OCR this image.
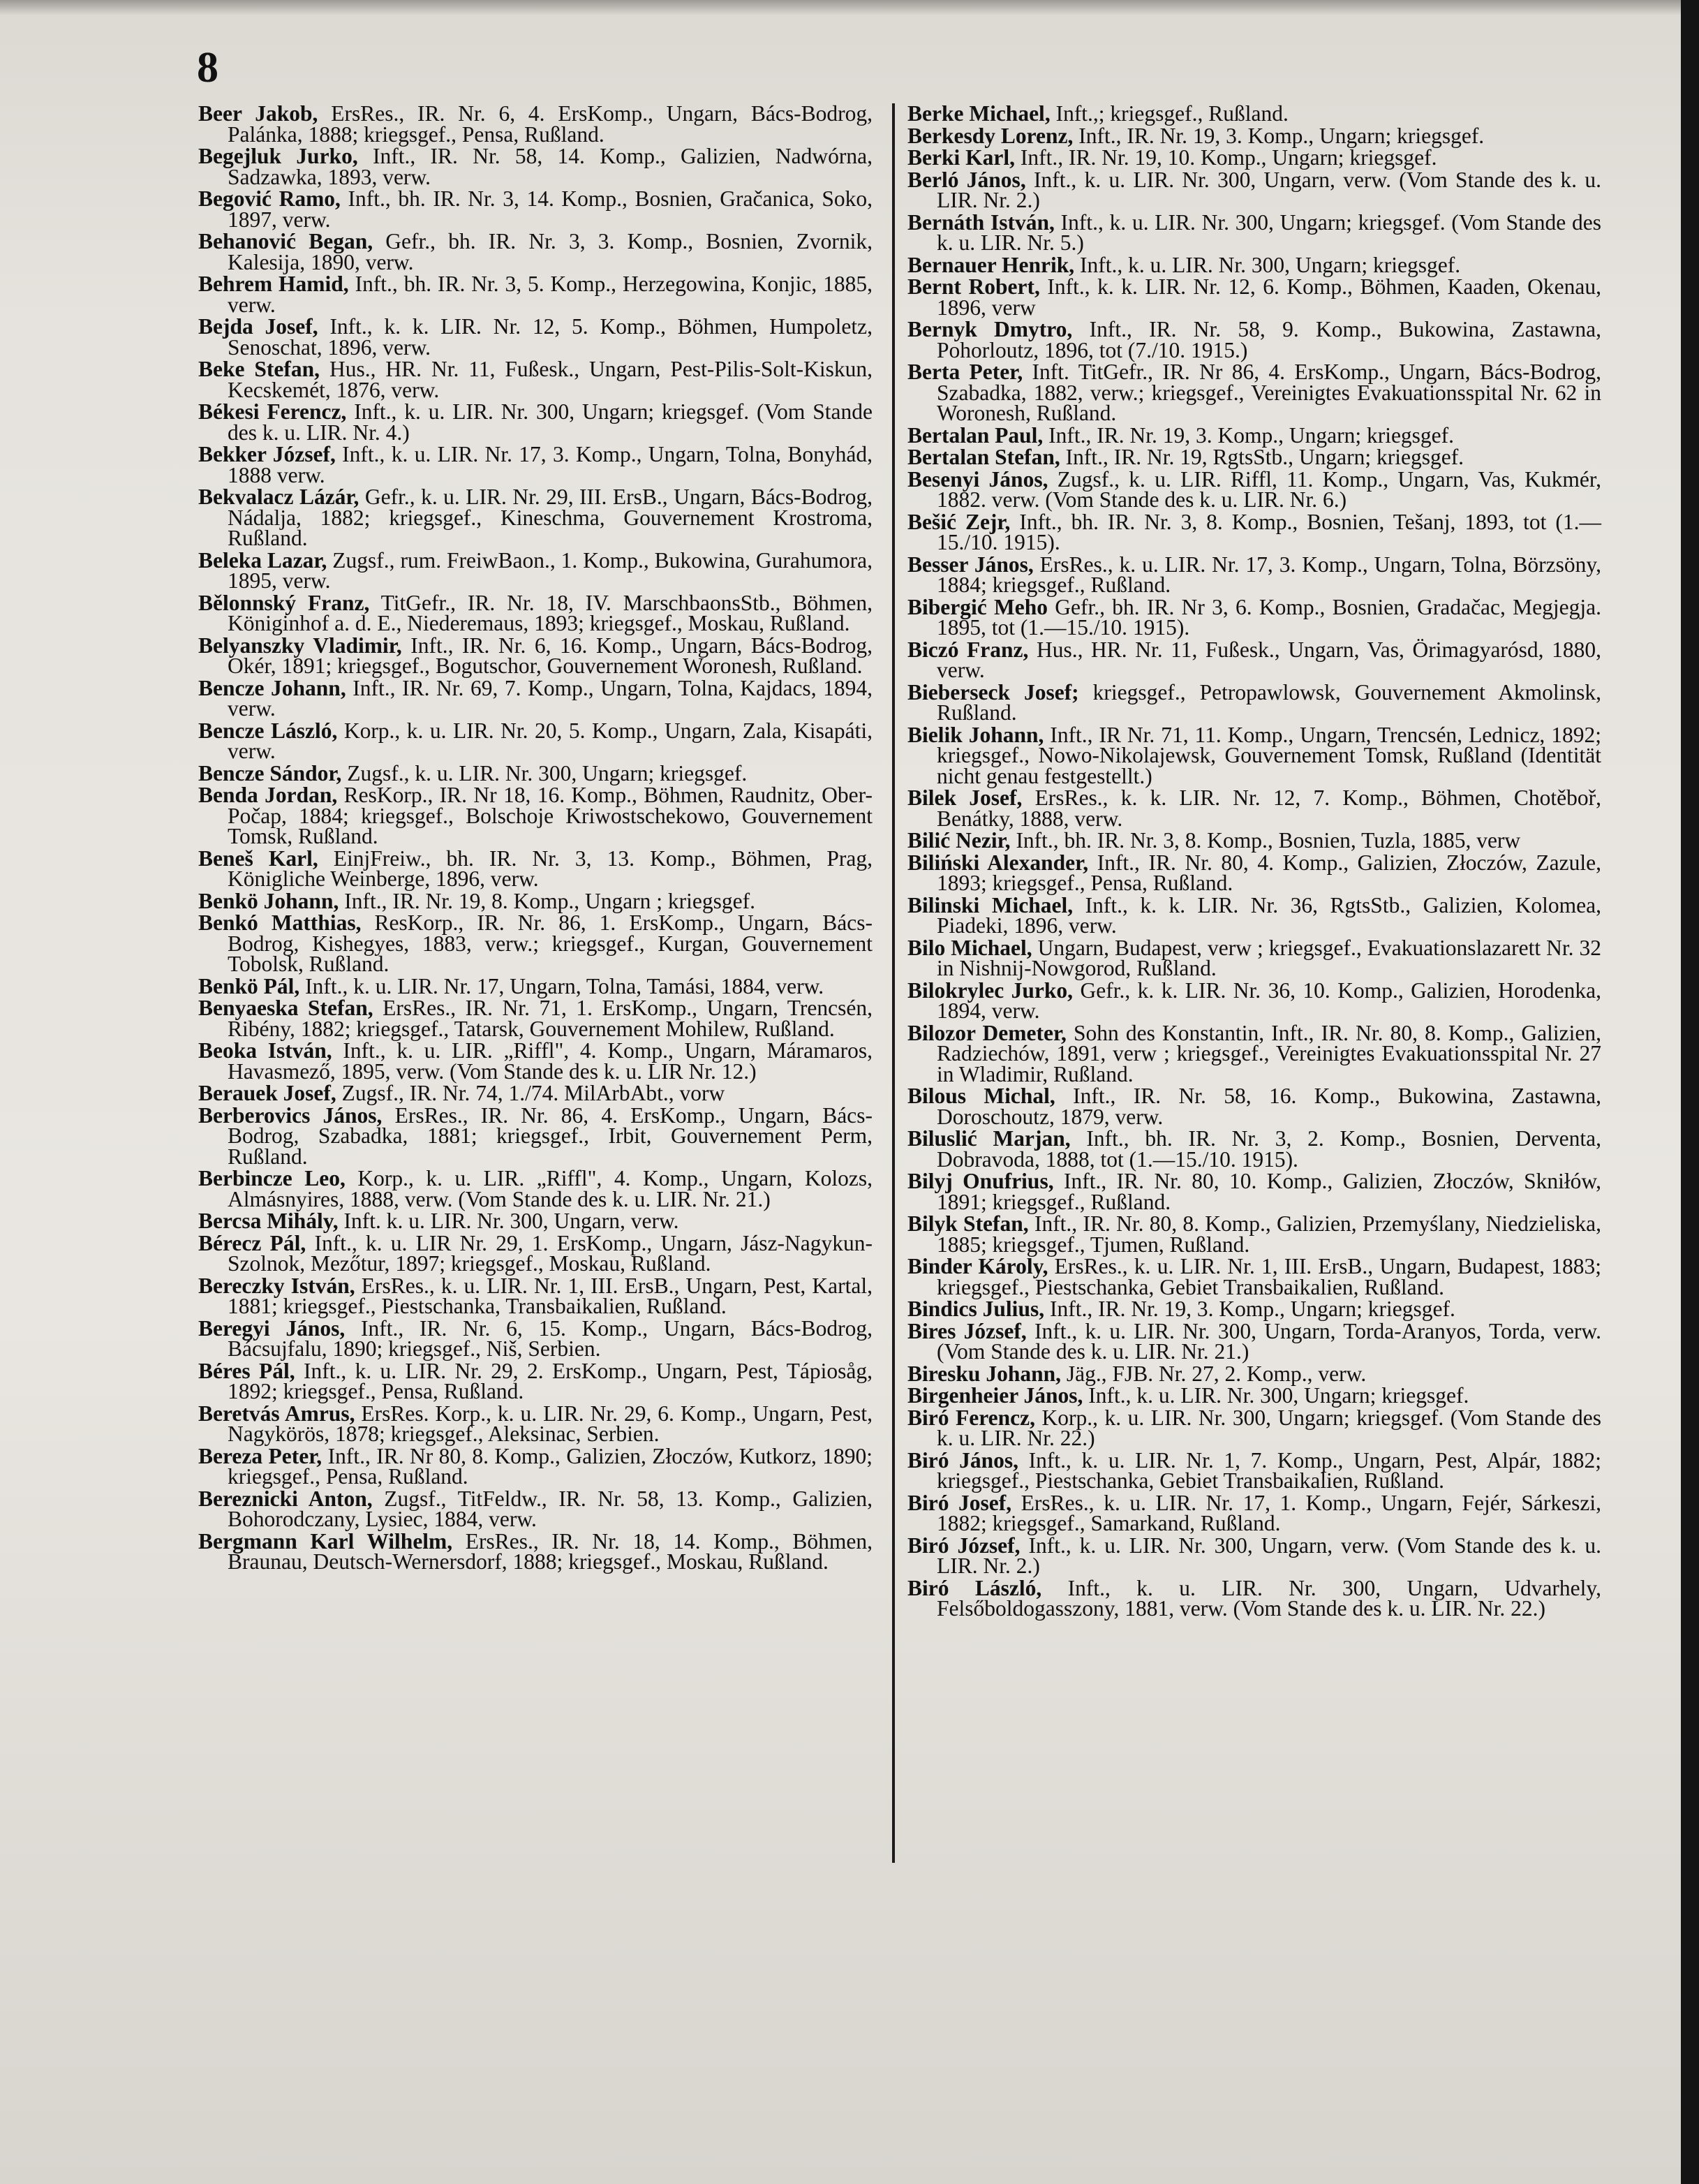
8

Beer Jakob, ErsRes., IR. Nr. 6, 4. ErsKomp., Ungarn, Bács-Bodrog, Palánka, 1888; kriegsgef., Pensa, Rußland.

Begejluk Jurko, Inft., IR. Nr. 58, 14. Komp., Galizien, Nadwórna, Sadzawka, 1893, verw.

Begović Ramo, Inft., bh. IR. Nr. 3, 14. Komp., Bosnien, Gračanica, Soko, 1897, verw.

Behanović Began, Gefr., bh. IR. Nr. 3, 3. Komp., Bosnien, Zvornik, Kalesija, 1890, verw.

Behrem Hamid, Inft., bh. IR. Nr. 3, 5. Komp., Herzegowina, Konjic, 1885, verw.

Bejda Josef, Inft., k. k. LIR. Nr. 12, 5. Komp., Böhmen, Humpoletz, Senoschat, 1896, verw.

Beke Stefan, Hus., HR. Nr. 11, Fußesk., Ungarn, Pest-Pilis-Solt-Kiskun, Kecskemét, 1876, verw.

Békesi Ferencz, Inft., k. u. LIR. Nr. 300, Ungarn; kriegsgef. (Vom Stande des k. u. LIR. Nr. 4.)

Bekker József, Inft., k. u. LIR. Nr. 17, 3. Komp., Ungarn, Tolna, Bonyhád, 1888 verw.

Bekvalacz Lázár, Gefr., k. u. LIR. Nr. 29, III. ErsB., Ungarn, Bács-Bodrog, Nádalja, 1882; kriegsgef., Kineschma, Gouvernement Krostroma, Rußland.

Beleka Lazar, Zugsf., rum. FreiwBaon., 1. Komp., Bukowina, Gurahumora, 1895, verw.

Bělonnský Franz, TitGefr., IR. Nr. 18, IV. MarschbaonsStb., Böhmen, Königinhof a. d. E., Niederemaus, 1893; kriegsgef., Moskau, Rußland.

Belyanszky Vladimir, Inft., IR. Nr. 6, 16. Komp., Ungarn, Bács-Bodrog, Okér, 1891; kriegsgef., Bogutschor, Gouvernement Woronesh, Rußland.

Bencze Johann, Inft., IR. Nr. 69, 7. Komp., Ungarn, Tolna, Kajdacs, 1894, verw.

Bencze László, Korp., k. u. LIR. Nr. 20, 5. Komp., Ungarn, Zala, Kisapáti, verw.

Bencze Sándor, Zugsf., k. u. LIR. Nr. 300, Ungarn; kriegsgef.

Benda Jordan, ResKorp., IR. Nr 18, 16. Komp., Böhmen, Raudnitz, Ober-Počap, 1884; kriegsgef., Bolschoje Kriwostschekowo, Gouvernement Tomsk, Rußland.

Beneš Karl, EinjFreiw., bh. IR. Nr. 3, 13. Komp., Böhmen, Prag, Königliche Weinberge, 1896, verw.

Benkö Johann, Inft., IR. Nr. 19, 8. Komp., Ungarn ; kriegsgef.

Benkó Matthias, ResKorp., IR. Nr. 86, 1. ErsKomp., Ungarn, Bács-Bodrog, Kishegyes, 1883, verw.; kriegsgef., Kurgan, Gouvernement Tobolsk, Rußland.

Benkö Pál, Inft., k. u. LIR. Nr. 17, Ungarn, Tolna, Tamási, 1884, verw.

Benyaeska Stefan, ErsRes., IR. Nr. 71, 1. ErsKomp., Ungarn, Trencsén, Ribény, 1882; kriegsgef., Tatarsk, Gouvernement Mohilew, Rußland.

Beoka István, Inft., k. u. LIR. „Riffl", 4. Komp., Ungarn, Máramaros, Havasmező, 1895, verw. (Vom Stande des k. u. LIR Nr. 12.)

Berauek Josef, Zugsf., IR. Nr. 74, 1./74. MilArbAbt., vorw

Berberovics János, ErsRes., IR. Nr. 86, 4. ErsKomp., Ungarn, Bács-Bodrog, Szabadka, 1881; kriegsgef., Irbit, Gouvernement Perm, Rußland.

Berbincze Leo, Korp., k. u. LIR. „Riffl", 4. Komp., Ungarn, Kolozs, Almásnyires, 1888, verw. (Vom Stande des k. u. LIR. Nr. 21.)

Bercsa Mihály, Inft. k. u. LIR. Nr. 300, Ungarn, verw.

Bérecz Pál, Inft., k. u. LIR Nr. 29, 1. ErsKomp., Ungarn, Jász-Nagykun-Szolnok, Mezőtur, 1897; kriegsgef., Moskau, Rußland.

Bereczky István, ErsRes., k. u. LIR. Nr. 1, III. ErsB., Ungarn, Pest, Kartal, 1881; kriegsgef., Piestschanka, Transbaikalien, Rußland.

Beregyi János, Inft., IR. Nr. 6, 15. Komp., Ungarn, Bács-Bodrog, Bácsujfalu, 1890; kriegsgef., Niš, Serbien.

Béres Pál, Inft., k. u. LIR. Nr. 29, 2. ErsKomp., Ungarn, Pest, Tápiosåg, 1892; kriegsgef., Pensa, Rußland.

Beretvás Amrus, ErsRes. Korp., k. u. LIR. Nr. 29, 6. Komp., Ungarn, Pest, Nagykörös, 1878; kriegsgef., Aleksinac, Serbien.

Bereza Peter, Inft., IR. Nr 80, 8. Komp., Galizien, Złoczów, Kutkorz, 1890; kriegsgef., Pensa, Rußland.

Bereznicki Anton, Zugsf., TitFeldw., IR. Nr. 58, 13. Komp., Galizien, Bohorodczany, Lysiec, 1884, verw.

Bergmann Karl Wilhelm, ErsRes., IR. Nr. 18, 14. Komp., Böhmen, Braunau, Deutsch-Wernersdorf, 1888; kriegsgef., Moskau, Rußland.

Berke Michael, Inft.,; kriegsgef., Rußland.

Berkesdy Lorenz, Inft., IR. Nr. 19, 3. Komp., Ungarn; kriegsgef.

Berki Karl, Inft., IR. Nr. 19, 10. Komp., Ungarn; kriegsgef.

Berló János, Inft., k. u. LIR. Nr. 300, Ungarn, verw. (Vom Stande des k. u. LIR. Nr. 2.)

Bernáth István, Inft., k. u. LIR. Nr. 300, Ungarn; kriegsgef. (Vom Stande des k. u. LIR. Nr. 5.)

Bernauer Henrik, Inft., k. u. LIR. Nr. 300, Ungarn; kriegsgef.

Bernt Robert, Inft., k. k. LIR. Nr. 12, 6. Komp., Böhmen, Kaaden, Okenau, 1896, verw

Bernyk Dmytro, Inft., IR. Nr. 58, 9. Komp., Bukowina, Zastawna, Pohorloutz, 1896, tot (7./10. 1915.)

Berta Peter, Inft. TitGefr., IR. Nr 86, 4. ErsKomp., Ungarn, Bács-Bodrog, Szabadka, 1882, verw.; kriegsgef., Vereinigtes Evakuationsspital Nr. 62 in Woronesh, Rußland.

Bertalan Paul, Inft., IR. Nr. 19, 3. Komp., Ungarn; kriegsgef.

Bertalan Stefan, Inft., IR. Nr. 19, RgtsStb., Ungarn; kriegsgef.

Besenyi János, Zugsf., k. u. LIR. Riffl, 11. Komp., Ungarn, Vas, Kukmér, 1882. verw. (Vom Stande des k. u. LIR. Nr. 6.)

Bešić Zejr, Inft., bh. IR. Nr. 3, 8. Komp., Bosnien, Tešanj, 1893, tot (1.—15./10. 1915).

Besser János, ErsRes., k. u. LIR. Nr. 17, 3. Komp., Ungarn, Tolna, Börzsöny, 1884; kriegsgef., Rußland.

Bibergić Meho Gefr., bh. IR. Nr 3, 6. Komp., Bosnien, Gradačac, Megjegja. 1895, tot (1.—15./10. 1915).

Biczó Franz, Hus., HR. Nr. 11, Fußesk., Ungarn, Vas, Örimagyarósd, 1880, verw.

Bieberseck Josef; kriegsgef., Petropawlowsk, Gouvernement Akmolinsk, Rußland.

Bielik Johann, Inft., IR Nr. 71, 11. Komp., Ungarn, Trencsén, Lednicz, 1892; kriegsgef., Nowo-Nikolajewsk, Gouvernement Tomsk, Rußland (Identität nicht genau festgestellt.)

Bilek Josef, ErsRes., k. k. LIR. Nr. 12, 7. Komp., Böhmen, Chotěboř, Benátky, 1888, verw.

Bilić Nezir, Inft., bh. IR. Nr. 3, 8. Komp., Bosnien, Tuzla, 1885, verw

Biliński Alexander, Inft., IR. Nr. 80, 4. Komp., Galizien, Złoczów, Zazule, 1893; kriegsgef., Pensa, Rußland.

Bilinski Michael, Inft., k. k. LIR. Nr. 36, RgtsStb., Galizien, Kolomea, Piadeki, 1896, verw.

Bilo Michael, Ungarn, Budapest, verw ; kriegsgef., Evakuationslazarett Nr. 32 in Nishnij-Nowgorod, Rußland.

Bilokrylec Jurko, Gefr., k. k. LIR. Nr. 36, 10. Komp., Galizien, Horodenka, 1894, verw.

Bilozor Demeter, Sohn des Konstantin, Inft., IR. Nr. 80, 8. Komp., Galizien, Radziechów, 1891, verw ; kriegsgef., Vereinigtes Evakuationsspital Nr. 27 in Wladimir, Rußland.

Bilous Michal, Inft., IR. Nr. 58, 16. Komp., Bukowina, Zastawna, Doroschoutz, 1879, verw.

Biluslić Marjan, Inft., bh. IR. Nr. 3, 2. Komp., Bosnien, Derventa, Dobravoda, 1888, tot (1.—15./10. 1915).

Bilyj Onufrius, Inft., IR. Nr. 80, 10. Komp., Galizien, Złoczów, Skniłów, 1891; kriegsgef., Rußland.

Bilyk Stefan, Inft., IR. Nr. 80, 8. Komp., Galizien, Przemyślany, Niedzieliska, 1885; kriegsgef., Tjumen, Rußland.

Binder Károly, ErsRes., k. u. LIR. Nr. 1, III. ErsB., Ungarn, Budapest, 1883; kriegsgef., Piestschanka, Gebiet Transbaikalien, Rußland.

Bindics Julius, Inft., IR. Nr. 19, 3. Komp., Ungarn; kriegsgef.

Bires József, Inft., k. u. LIR. Nr. 300, Ungarn, Torda-Aranyos, Torda, verw. (Vom Stande des k. u. LIR. Nr. 21.)

Biresku Johann, Jäg., FJB. Nr. 27, 2. Komp., verw.

Birgenheier János, Inft., k. u. LIR. Nr. 300, Ungarn; kriegsgef.

Biró Ferencz, Korp., k. u. LIR. Nr. 300, Ungarn; kriegsgef. (Vom Stande des k. u. LIR. Nr. 22.)

Biró János, Inft., k. u. LIR. Nr. 1, 7. Komp., Ungarn, Pest, Alpár, 1882; kriegsgef., Piestschanka, Gebiet Transbaikalien, Rußland.

Biró Josef, ErsRes., k. u. LIR. Nr. 17, 1. Komp., Ungarn, Fejér, Sárkeszi, 1882; kriegsgef., Samarkand, Rußland.

Biró József, Inft., k. u. LIR. Nr. 300, Ungarn, verw. (Vom Stande des k. u. LIR. Nr. 2.)

Biró László, Inft., k. u. LIR. Nr. 300, Ungarn, Udvarhely, Felsőboldogasszony, 1881, verw. (Vom Stande des k. u. LIR. Nr. 22.)
